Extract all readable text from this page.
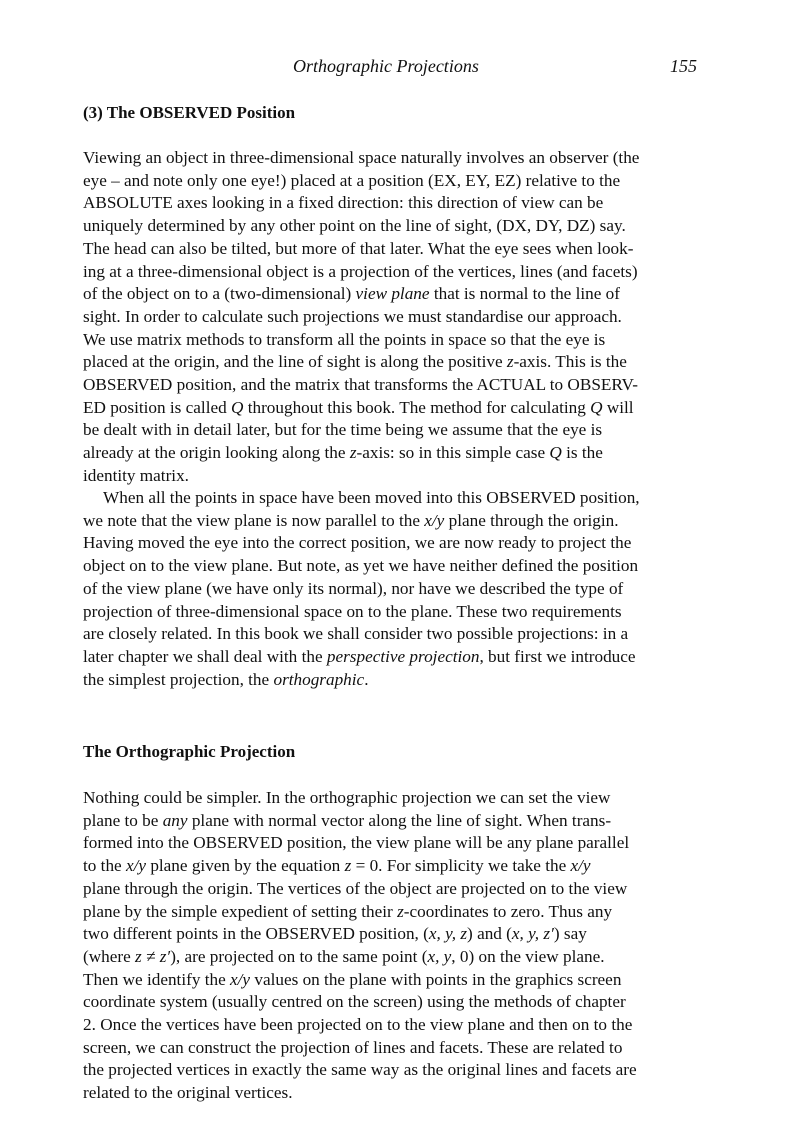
Orthographic Projections	155
(3) The OBSERVED Position
Viewing an object in three-dimensional space naturally involves an observer (the
eye – and note only one eye!) placed at a position (EX, EY, EZ) relative to the
ABSOLUTE axes looking in a fixed direction: this direction of view can be
uniquely determined by any other point on the line of sight, (DX, DY, DZ) say.
The head can also be tilted, but more of that later. What the eye sees when look-
ing at a three-dimensional object is a projection of the vertices, lines (and facets)
of the object on to a (two-dimensional) view plane that is normal to the line of
sight. In order to calculate such projections we must standardise our approach.
We use matrix methods to transform all the points in space so that the eye is
placed at the origin, and the line of sight is along the positive z-axis. This is the
OBSERVED position, and the matrix that transforms the ACTUAL to OBSERV-
ED position is called Q throughout this book. The method for calculating Q will
be dealt with in detail later, but for the time being we assume that the eye is
already at the origin looking along the z-axis: so in this simple case Q is the
identity matrix.
When all the points in space have been moved into this OBSERVED position,
we note that the view plane is now parallel to the x/y plane through the origin.
Having moved the eye into the correct position, we are now ready to project the
object on to the view plane. But note, as yet we have neither defined the position
of the view plane (we have only its normal), nor have we described the type of
projection of three-dimensional space on to the plane. These two requirements
are closely related. In this book we shall consider two possible projections: in a
later chapter we shall deal with the perspective projection, but first we introduce
the simplest projection, the orthographic.
The Orthographic Projection
Nothing could be simpler. In the orthographic projection we can set the view
plane to be any plane with normal vector along the line of sight. When trans-
formed into the OBSERVED position, the view plane will be any plane parallel
to the x/y plane given by the equation z = 0. For simplicity we take the x/y
plane through the origin. The vertices of the object are projected on to the view
plane by the simple expedient of setting their z-coordinates to zero. Thus any
two different points in the OBSERVED position, (x, y, z) and (x, y, z′) say
(where z ≠ z′), are projected on to the same point (x, y, 0) on the view plane.
Then we identify the x/y values on the plane with points in the graphics screen
coordinate system (usually centred on the screen) using the methods of chapter
2. Once the vertices have been projected on to the view plane and then on to the
screen, we can construct the projection of lines and facets. These are related to
the projected vertices in exactly the same way as the original lines and facets are
related to the original vertices.
